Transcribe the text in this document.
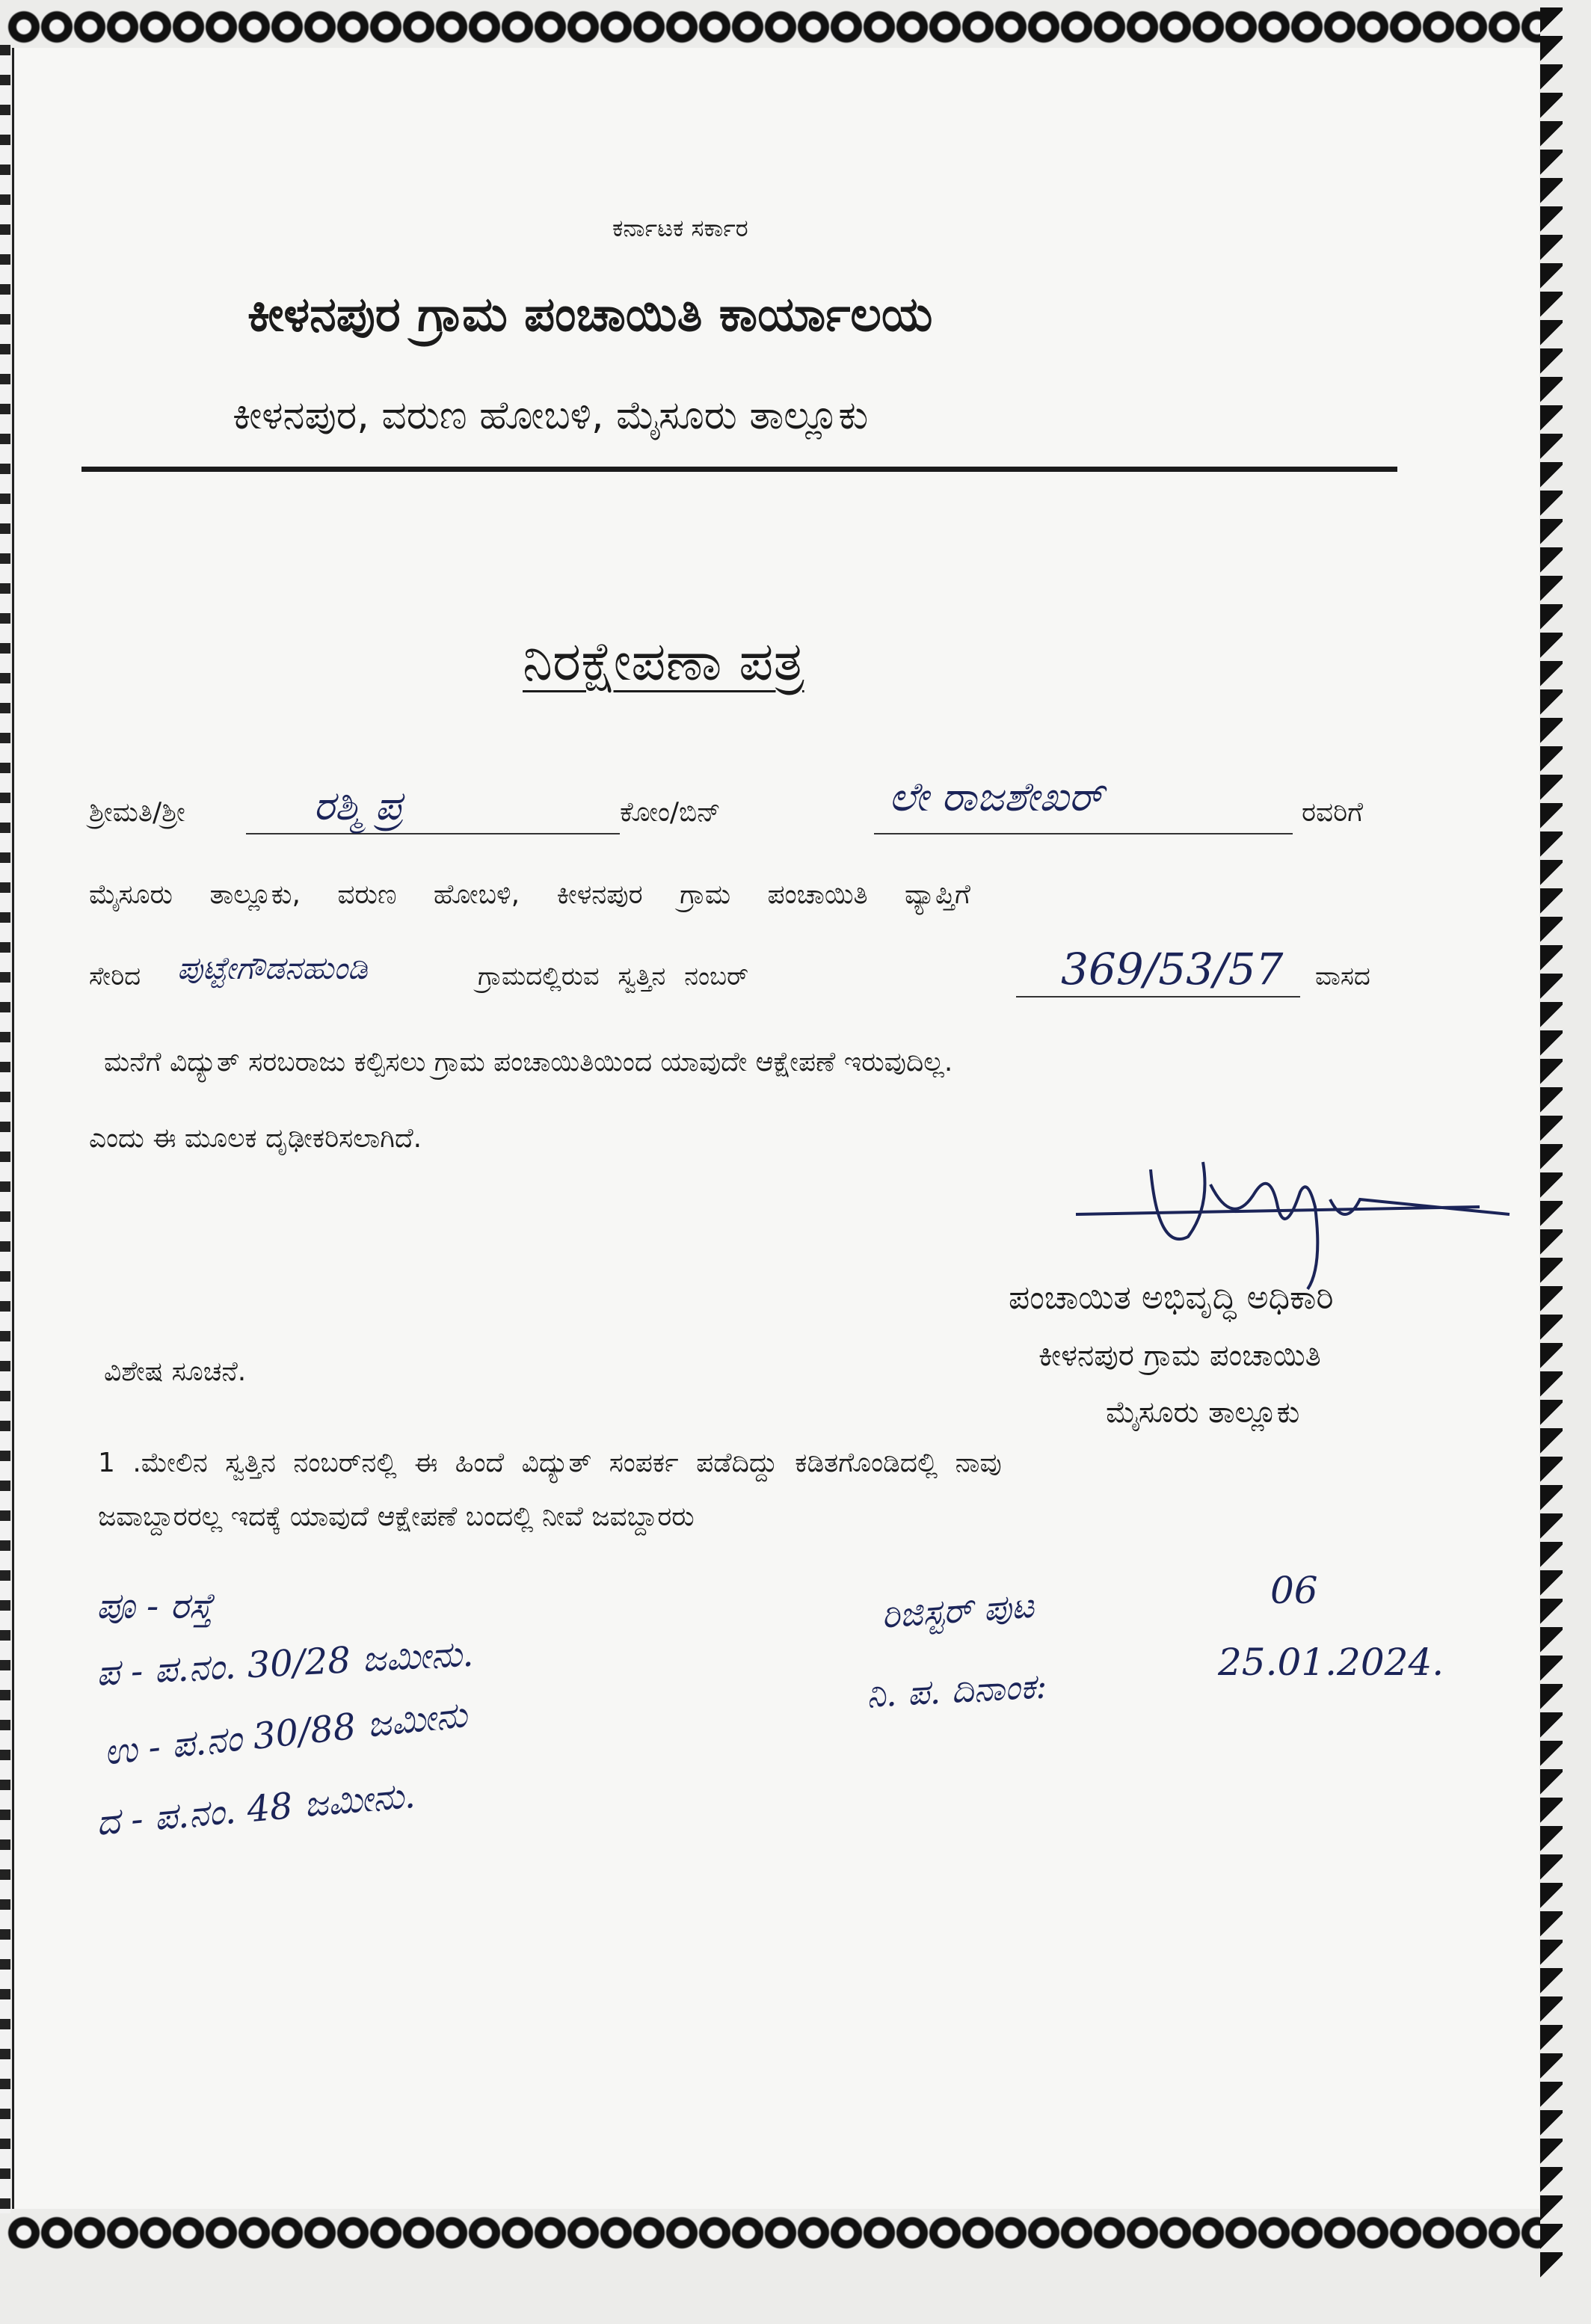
ಕರ್ನಾಟಕ ಸರ್ಕಾರ
ಕೀಳನಪುರ ಗ್ರಾಮ ಪಂಚಾಯಿತಿ ಕಾರ್ಯಾಲಯ
ಕೀಳನಪುರ, ವರುಣ ಹೋಬಳಿ, ಮೈಸೂರು ತಾಲ್ಲೂಕು
ನಿರಕ್ಷೇಪಣಾ ಪತ್ರ
ಶ್ರೀಮತಿ/ಶ್ರೀ	ರಶ್ಮಿ ಪ್ರ	ಕೋಂ/ಬಿನ್	ಲೇ ರಾಜಶೇಖರ್	ರವರಿಗೆ
ಮೈಸೂರು ತಾಲ್ಲೂಕು, ವರುಣ ಹೋಬಳಿ, ಕೀಳನಪುರ ಗ್ರಾಮ ಪಂಚಾಯಿತಿ ವ್ಯಾಪ್ತಿಗೆ
ಸೇರಿದ ಪುಟ್ಟೇಗೌಡನಹುಂಡಿ	ಗ್ರಾಮದಲ್ಲಿರುವ ಸ್ವತ್ತಿನ ನಂಬರ್	369/53/57 ವಾಸದ
ಮನೆಗೆ ವಿದ್ಯುತ್ ಸರಬರಾಜು ಕಲ್ಪಿಸಲು ಗ್ರಾಮ ಪಂಚಾಯಿತಿಯಿಂದ ಯಾವುದೇ ಆಕ್ಷೇಪಣೆ ಇರುವುದಿಲ್ಲ.
ಎಂದು ಈ ಮೂಲಕ ದೃಢೀಕರಿಸಲಾಗಿದೆ.
ಪಂಚಾಯಿತ ಅಭಿವೃದ್ಧಿ ಅಧಿಕಾರಿ
ಕೀಳನಪುರ ಗ್ರಾಮ ಪಂಚಾಯಿತಿ
ಮೈಸೂರು ತಾಲ್ಲೂಕು
ವಿಶೇಷ ಸೂಚನೆ.
1 .ಮೇಲಿನ ಸ್ವತ್ತಿನ ನಂಬರ್‌ನಲ್ಲಿ ಈ ಹಿಂದೆ ವಿದ್ಯುತ್ ಸಂಪರ್ಕ ಪಡೆದಿದ್ದು ಕಡಿತಗೊಂಡಿದಲ್ಲಿ ನಾವು
ಜವಾಬ್ದಾರರಲ್ಲ ಇದಕ್ಕೆ ಯಾವುದೆ ಆಕ್ಷೇಪಣೆ ಬಂದಲ್ಲಿ ನೀವೆ ಜವಬ್ದಾರರು
ಪೂ - ರಸ್ತೆ
ಪ - ಪ.ನಂ. 30/28 ಜಮೀನು.
ಉ - ಪ.ನಂ 30/88 ಜಮೀನು
ದ - ಪ.ನಂ. 48 ಜಮೀನು.
ರಿಜಿಸ್ಟರ್ ಪುಟ	06
ನಿ. ಪ. ದಿನಾಂಕ:
25.01.2024.
